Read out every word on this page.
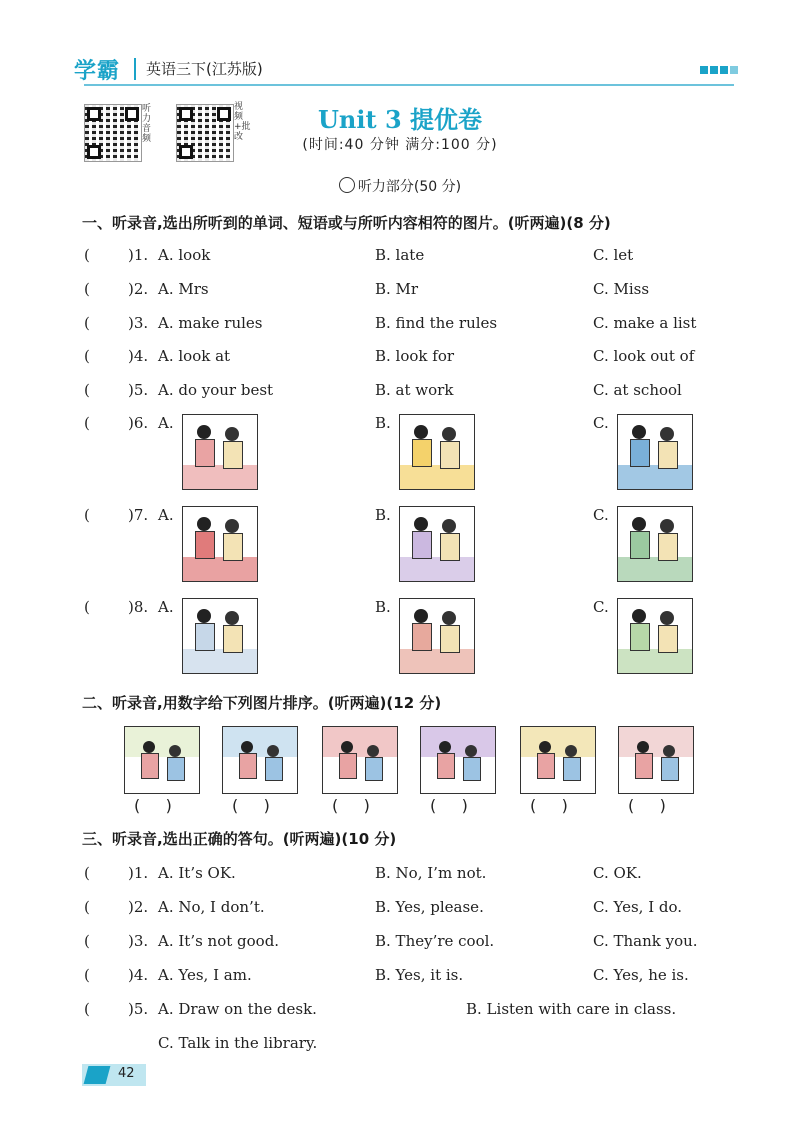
学霸 英语三下(江苏版)
听力音频
视频+批改
Unit 3 提优卷
(时间:40 分钟 满分:100 分)
听力部分(50 分)
一、听录音,选出所听到的单词、短语或与所听内容相符的图片。(听两遍)(8 分)
(	)1. A. look	B. late	C. let
(	)2. A. Mrs	B. Mr	C. Miss
(	)3. A. make rules	B. find the rules	C. make a list
(	)4. A. look at	B. look for	C. look out of
(	)5. A. do your best	B. at work	C. at school
(	)6. A.	B.	C.
(	)7. A.	B.	C.
(	)8. A.	B.	C.
二、听录音,用数字给下列图片排序。(听两遍)(12 分)
(     )	(     )	(     )	(     )	(     )	(     )
三、听录音,选出正确的答句。(听两遍)(10 分)
(	)1. A. It’s OK.	B. No, I’m not.	C. OK.
(	)2. A. No, I don’t.	B. Yes, please.	C. Yes, I do.
(	)3. A. It’s not good.	B. They’re cool.	C. Thank you.
(	)4. A. Yes, I am.	B. Yes, it is.	C. Yes, he is.
(	)5. A. Draw on the desk.	B. Listen with care in class.
C. Talk in the library.
42
